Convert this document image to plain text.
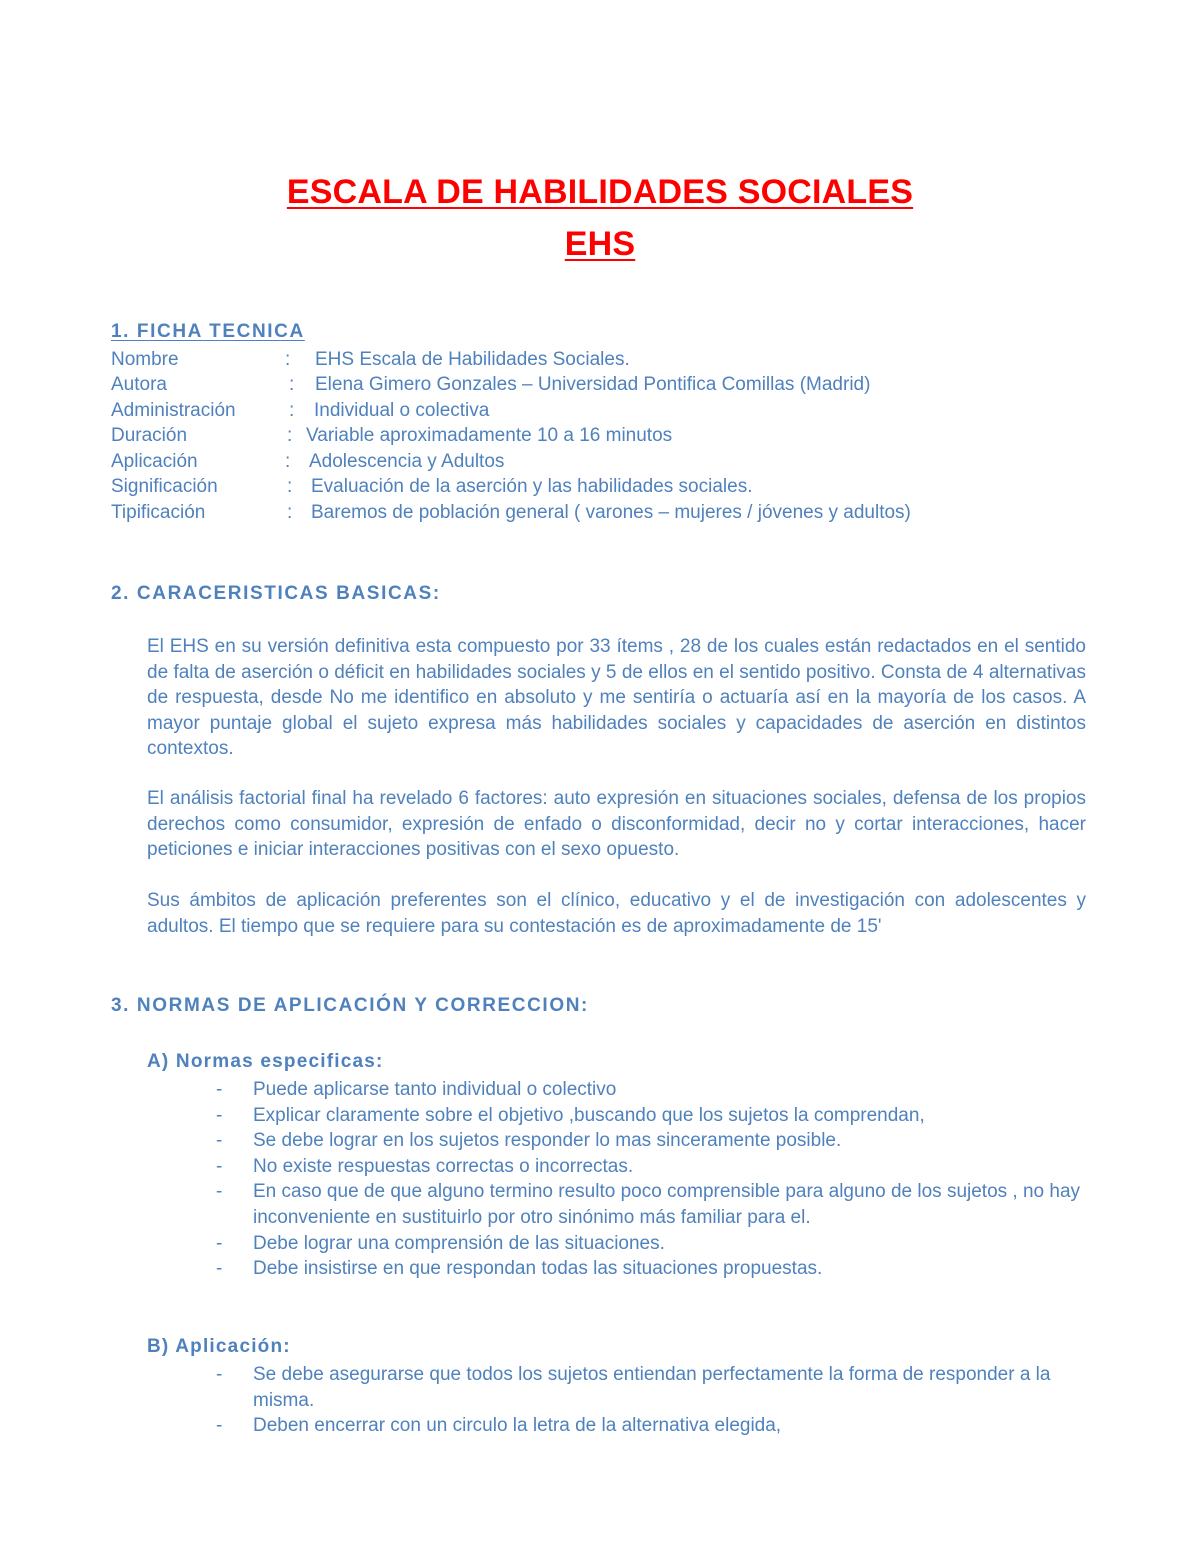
ESCALA DE HABILIDADES SOCIALES
EHS
1. FICHA TECNICA
Nombre	: EHS Escala de Habilidades Sociales.
Autora	: Elena Gimero Gonzales – Universidad Pontifica Comillas (Madrid)
Administración	: Individual o colectiva
Duración	: Variable aproximadamente 10 a 16 minutos
Aplicación	: Adolescencia y Adultos
Significación	: Evaluación de la aserción y las habilidades sociales.
Tipificación	: Baremos de población general ( varones – mujeres / jóvenes y adultos)
2. CARACERISTICAS BASICAS:
El EHS en su versión definitiva esta compuesto por 33 ítems , 28 de los cuales están redactados en el sentido de falta de aserción o déficit en habilidades sociales y 5 de ellos en el sentido positivo. Consta de 4 alternativas de respuesta, desde No me identifico en absoluto y me sentiría o actuaría así en la mayoría de los casos. A mayor puntaje global el sujeto expresa más habilidades sociales y capacidades de aserción en distintos contextos.
El análisis factorial final ha revelado 6 factores: auto expresión en situaciones sociales, defensa de los propios derechos como consumidor, expresión de enfado o disconformidad, decir no y cortar interacciones, hacer peticiones e iniciar interacciones positivas con el sexo opuesto.
Sus ámbitos de aplicación preferentes son el clínico, educativo y el de investigación con adolescentes y adultos. El tiempo que se requiere para su contestación es de aproximadamente de 15'
3. NORMAS DE APLICACIÓN Y CORRECCION:
A) Normas especificas:
- Puede aplicarse tanto individual o colectivo
- Explicar claramente sobre el objetivo ,buscando que los sujetos la comprendan,
- Se debe lograr en los sujetos responder lo mas sinceramente posible.
- No existe respuestas correctas o incorrectas.
- En caso que de que alguno termino resulto poco comprensible para alguno de los sujetos , no hay inconveniente en sustituirlo por otro sinónimo más familiar para el.
- Debe lograr una comprensión de las situaciones.
- Debe insistirse en que respondan todas las situaciones propuestas.
B) Aplicación:
- Se debe asegurarse que todos los sujetos entiendan perfectamente la forma de responder a la misma.
- Deben encerrar con un circulo la letra de la alternativa elegida,
